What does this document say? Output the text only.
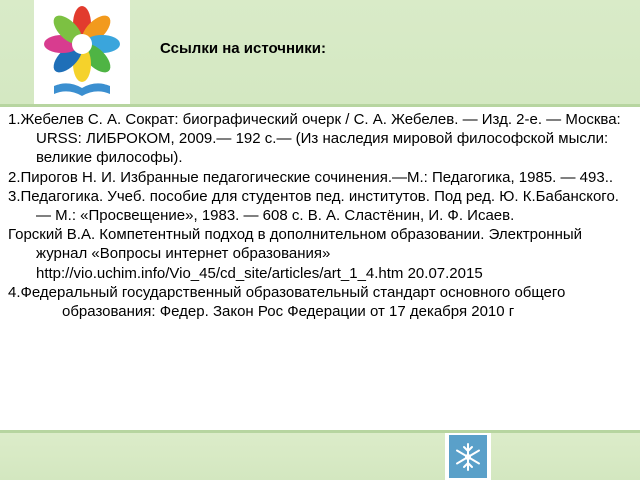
Ссылки на источники:

1.Жебелев С. А. Сократ: биографический очерк / С. А. Жебелев. — Изд. 2-е. — Москва: URSS: ЛИБРОКОМ, 2009.— 192 с.— (Из наследия мировой философской мысли: великие философы).

2.Пирогов Н. И. Избранные педагогические сочинения.—М.: Педагогика, 1985. — 493..

3.Педагогика. Учеб. пособие для студентов пед. институтов. Под ред. Ю. К.Бабанского. — М.: «Просвещение», 1983. — 608 с. В. А. Сластёнин, И. Ф. Исаев.

Горский В.А. Компетентный подход в дополнительном образовании. Электронный журнал «Вопросы интернет образования» http://vio.uchim.info/Vio_45/cd_site/articles/art_1_4.htm 20.07.2015

4.Федеральный государственный образовательный стандарт основного общего образования: Федер. Закон Рос Федерации от 17 декабря 2010 г
